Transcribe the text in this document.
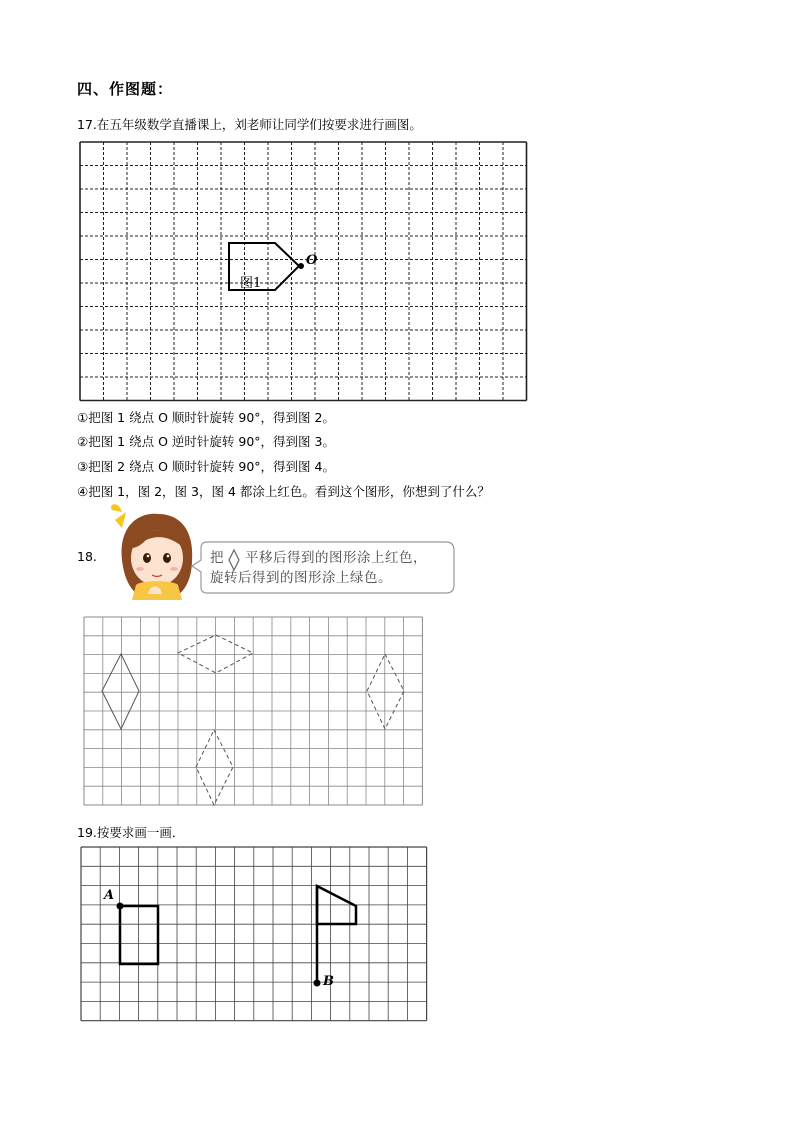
四、作图题：
17.在五年级数学直播课上，刘老师让同学们按要求进行画图。
图1
O
①把图 1 绕点 O 顺时针旋转 90°，得到图 2。
②把图 1 绕点 O 逆时针旋转 90°，得到图 3。
③把图 2 绕点 O 顺时针旋转 90°，得到图 4。
④把图 1，图 2，图 3，图 4 都涂上红色。看到这个图形，你想到了什么？
18.	把 平移后得到的图形涂上红色，
旋转后得到的图形涂上绿色。
19.按要求画一画．
A
B
